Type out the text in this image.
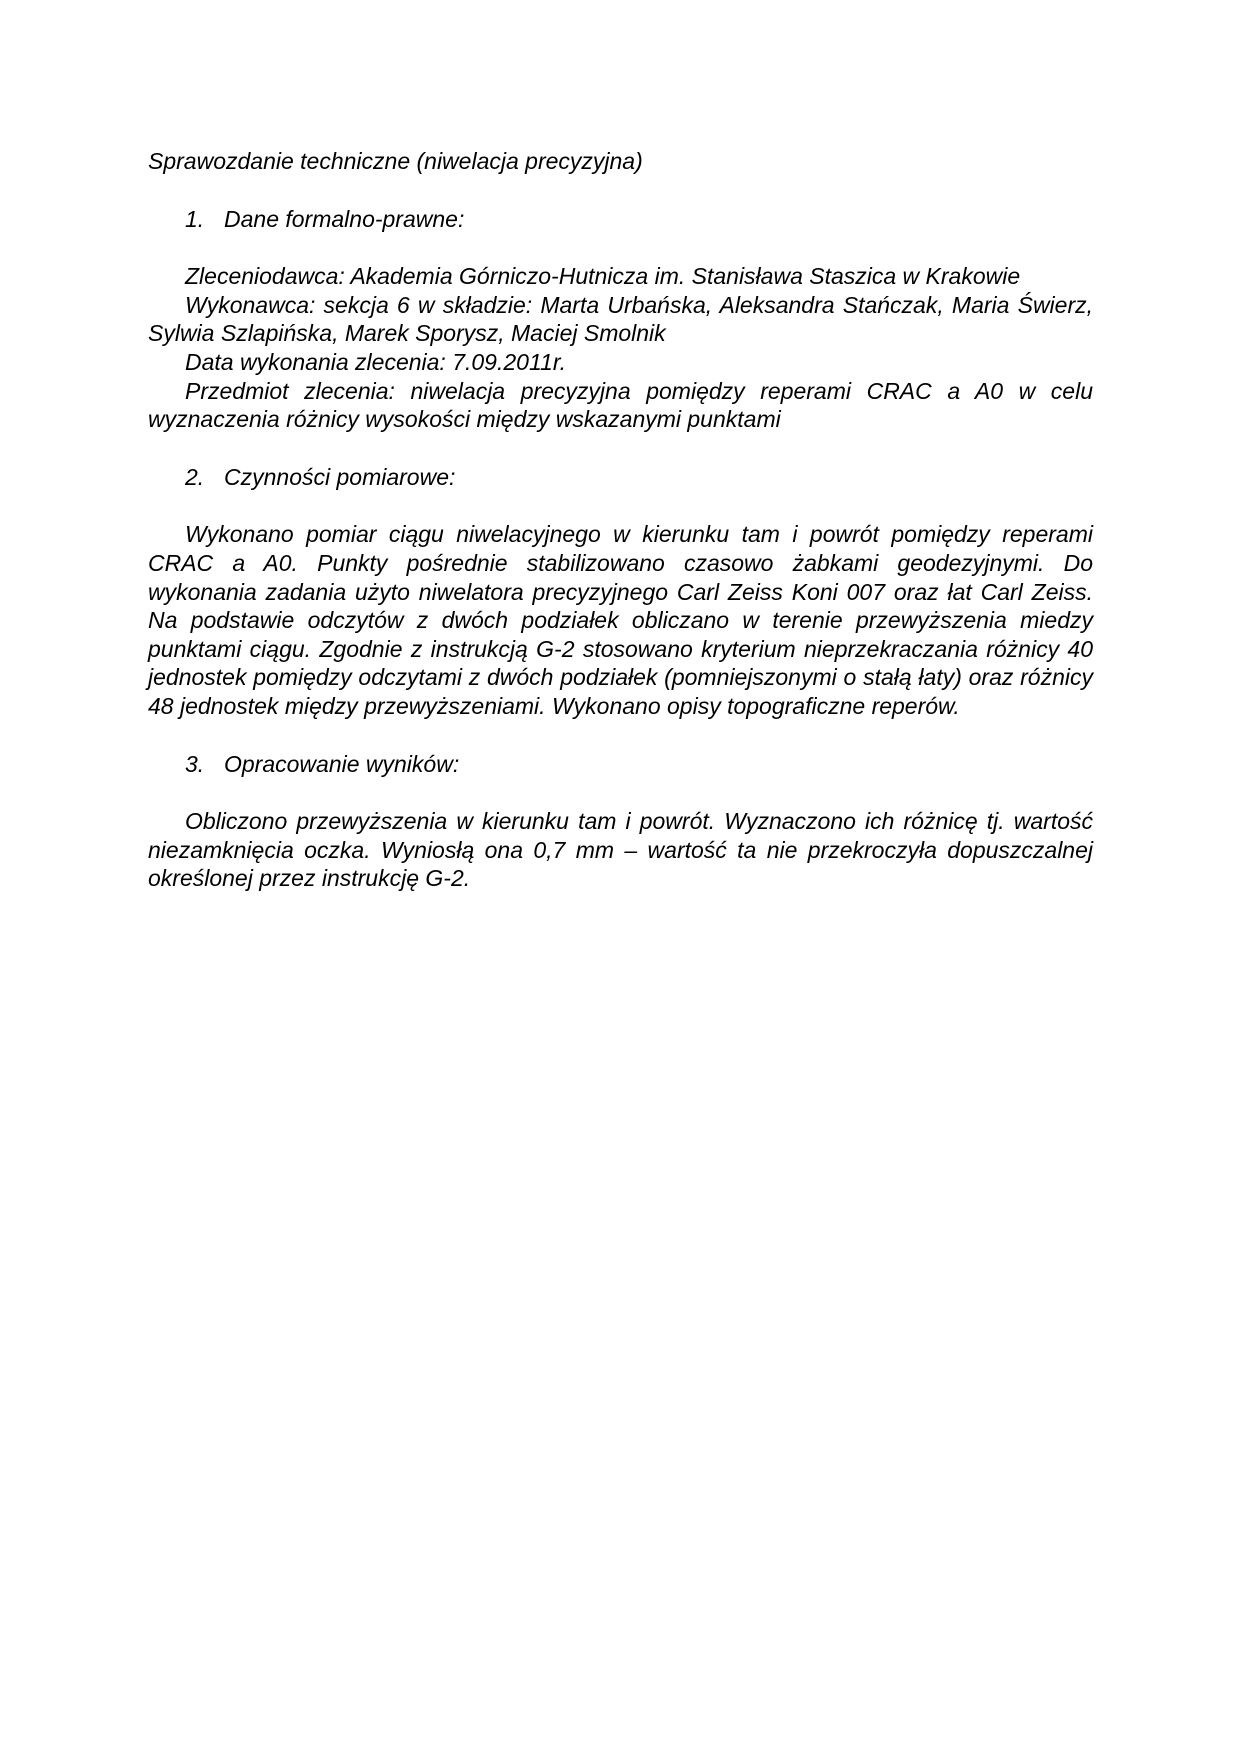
Sprawozdanie techniczne (niwelacja precyzyjna)

1. Dane formalno-prawne:

Zleceniodawca: Akademia Górniczo-Hutnicza im. Stanisława Staszica w Krakowie

Wykonawca: sekcja 6 w składzie: Marta Urbańska, Aleksandra Stańczak, Maria Świerz, Sylwia Szlapińska, Marek Sporysz, Maciej Smolnik

Data wykonania zlecenia: 7.09.2011r.

Przedmiot zlecenia: niwelacja precyzyjna pomiędzy reperami CRAC a A0 w celu wyznaczenia różnicy wysokości między wskazanymi punktami

2. Czynności pomiarowe:

Wykonano pomiar ciągu niwelacyjnego w kierunku tam i powrót pomiędzy reperami CRAC a A0. Punkty pośrednie stabilizowano czasowo żabkami geodezyjnymi. Do wykonania zadania użyto niwelatora precyzyjnego Carl Zeiss Koni 007 oraz łat Carl Zeiss. Na podstawie odczytów z dwóch podziałek obliczano w terenie przewyższenia miedzy punktami ciągu. Zgodnie z instrukcją G-2 stosowano kryterium nieprzekraczania różnicy 40 jednostek pomiędzy odczytami z dwóch podziałek (pomniejszonymi o stałą łaty) oraz różnicy 48 jednostek między przewyższeniami. Wykonano opisy topograficzne reperów.

3. Opracowanie wyników:

Obliczono przewyższenia w kierunku tam i powrót. Wyznaczono ich różnicę tj. wartość niezamknięcia oczka. Wyniosłą ona 0,7 mm – wartość ta nie przekroczyła dopuszczalnej określonej przez instrukcję G-2.
